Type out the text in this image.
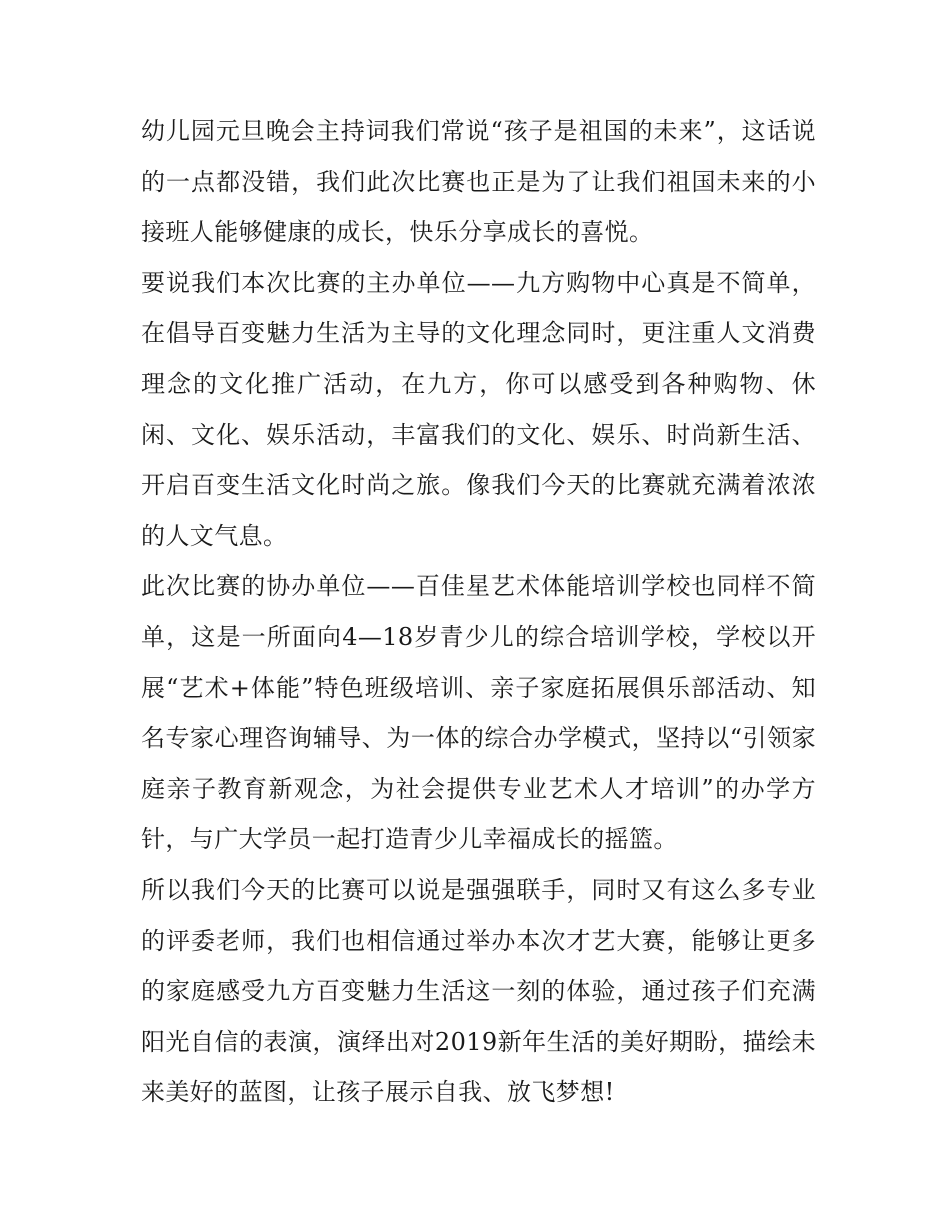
幼儿园元旦晚会主持词我们常说“孩子是祖国的未来”，这话说的一点都没错，我们此次比赛也正是为了让我们祖国未来的小接班人能够健康的成长，快乐分享成长的喜悦。

要说我们本次比赛的主办单位——九方购物中心真是不简单，在倡导百变魅力生活为主导的文化理念同时，更注重人文消费理念的文化推广活动，在九方，你可以感受到各种购物、休闲、文化、娱乐活动，丰富我们的文化、娱乐、时尚新生活、开启百变生活文化时尚之旅。像我们今天的比赛就充满着浓浓的人文气息。

此次比赛的协办单位——百佳星艺术体能培训学校也同样不简单，这是一所面向4—18岁青少儿的综合培训学校，学校以开展“艺术+体能”特色班级培训、亲子家庭拓展俱乐部活动、知名专家心理咨询辅导、为一体的综合办学模式，坚持以“引领家庭亲子教育新观念，为社会提供专业艺术人才培训”的办学方针，与广大学员一起打造青少儿幸福成长的摇篮。

所以我们今天的比赛可以说是强强联手，同时又有这么多专业的评委老师，我们也相信通过举办本次才艺大赛，能够让更多的家庭感受九方百变魅力生活这一刻的体验，通过孩子们充满阳光自信的表演，演绎出对2019新年生活的美好期盼，描绘未来美好的蓝图，让孩子展示自我、放飞梦想!
